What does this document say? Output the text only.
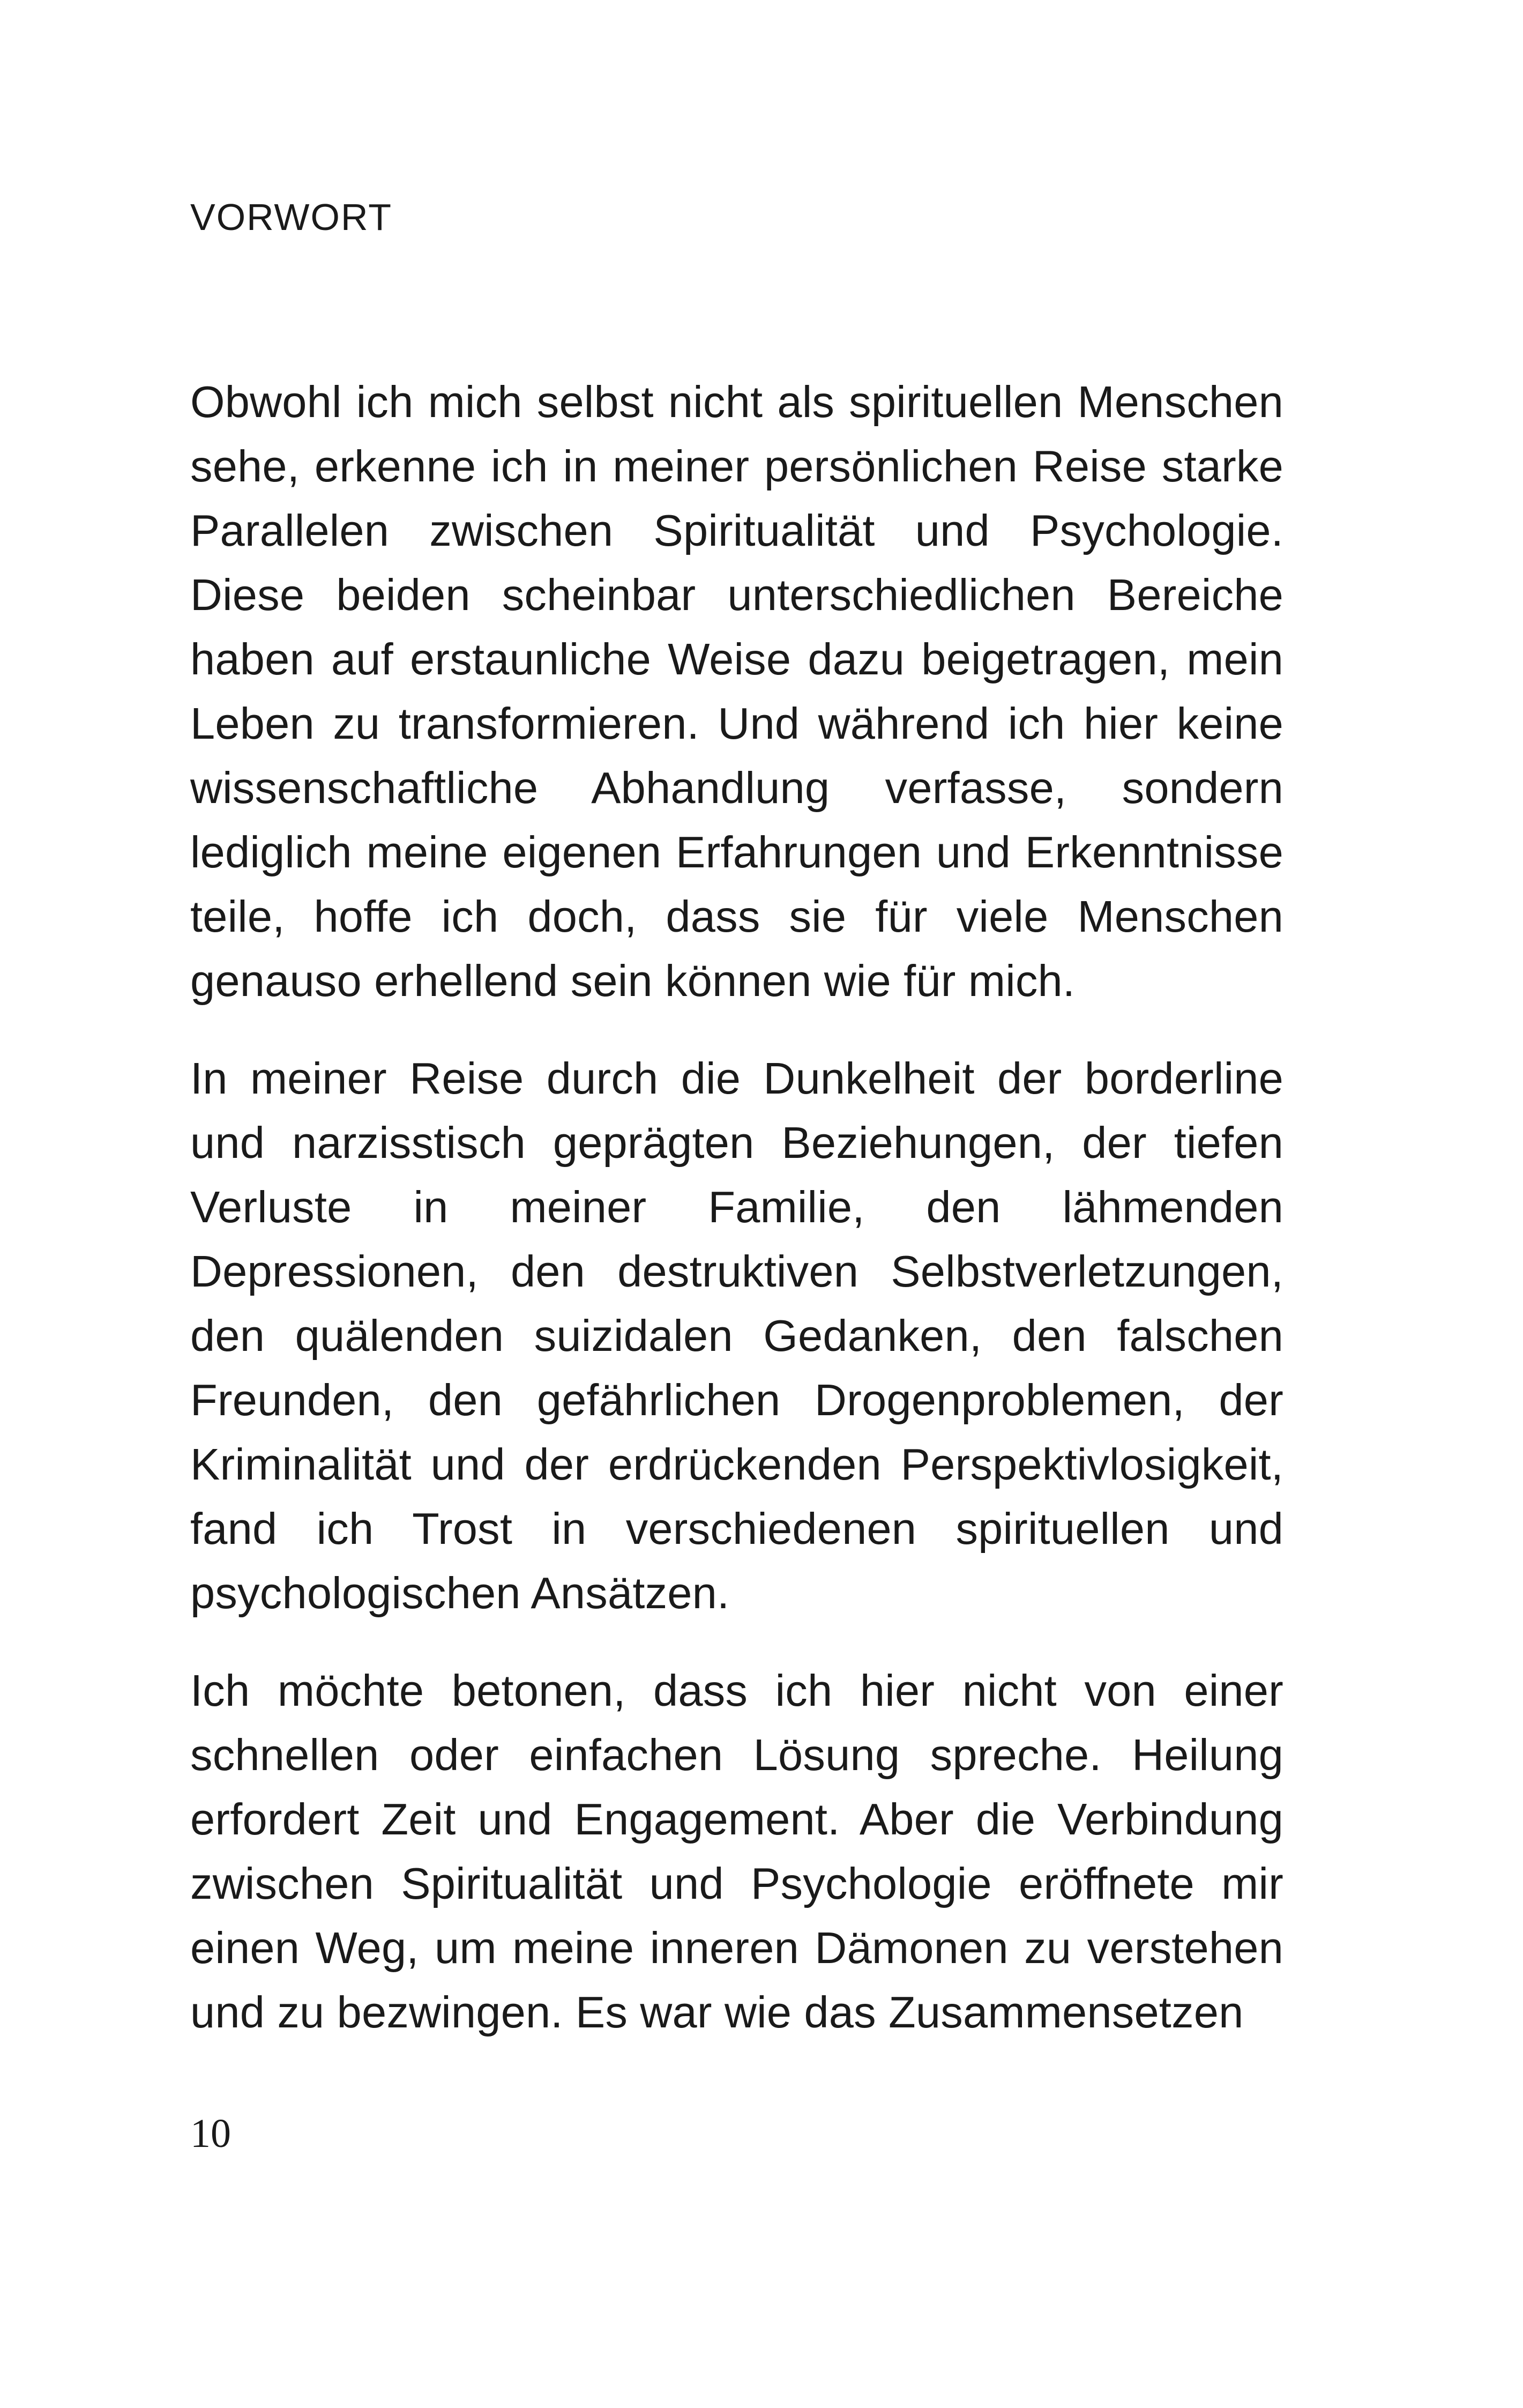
VORWORT

Obwohl ich mich selbst nicht als spirituellen Menschen sehe, erkenne ich in meiner persönlichen Reise starke Parallelen zwischen Spiritualität und Psychologie. Diese beiden scheinbar unterschiedlichen Bereiche haben auf erstaunliche Weise dazu beigetragen, mein Leben zu transformieren. Und während ich hier keine wissenschaftliche Abhandlung verfasse, sondern lediglich meine eigenen Erfahrungen und Erkenntnisse teile, hoffe ich doch, dass sie für viele Menschen genauso erhellend sein können wie für mich.

In meiner Reise durch die Dunkelheit der borderline und narzisstisch geprägten Beziehungen, der tiefen Verluste in meiner Familie, den lähmenden Depressionen, den destruktiven Selbstverletzungen, den quälenden suizidalen Gedanken, den falschen Freunden, den gefährlichen Drogenproblemen, der Kriminalität und der erdrückenden Perspektivlosigkeit, fand ich Trost in verschiedenen spirituellen und psychologischen Ansätzen.

Ich möchte betonen, dass ich hier nicht von einer schnellen oder einfachen Lösung spreche. Heilung erfordert Zeit und Engagement. Aber die Verbindung zwischen Spiritualität und Psychologie eröffnete mir einen Weg, um meine inneren Dämonen zu verstehen und zu bezwingen. Es war wie das Zusammensetzen

10
